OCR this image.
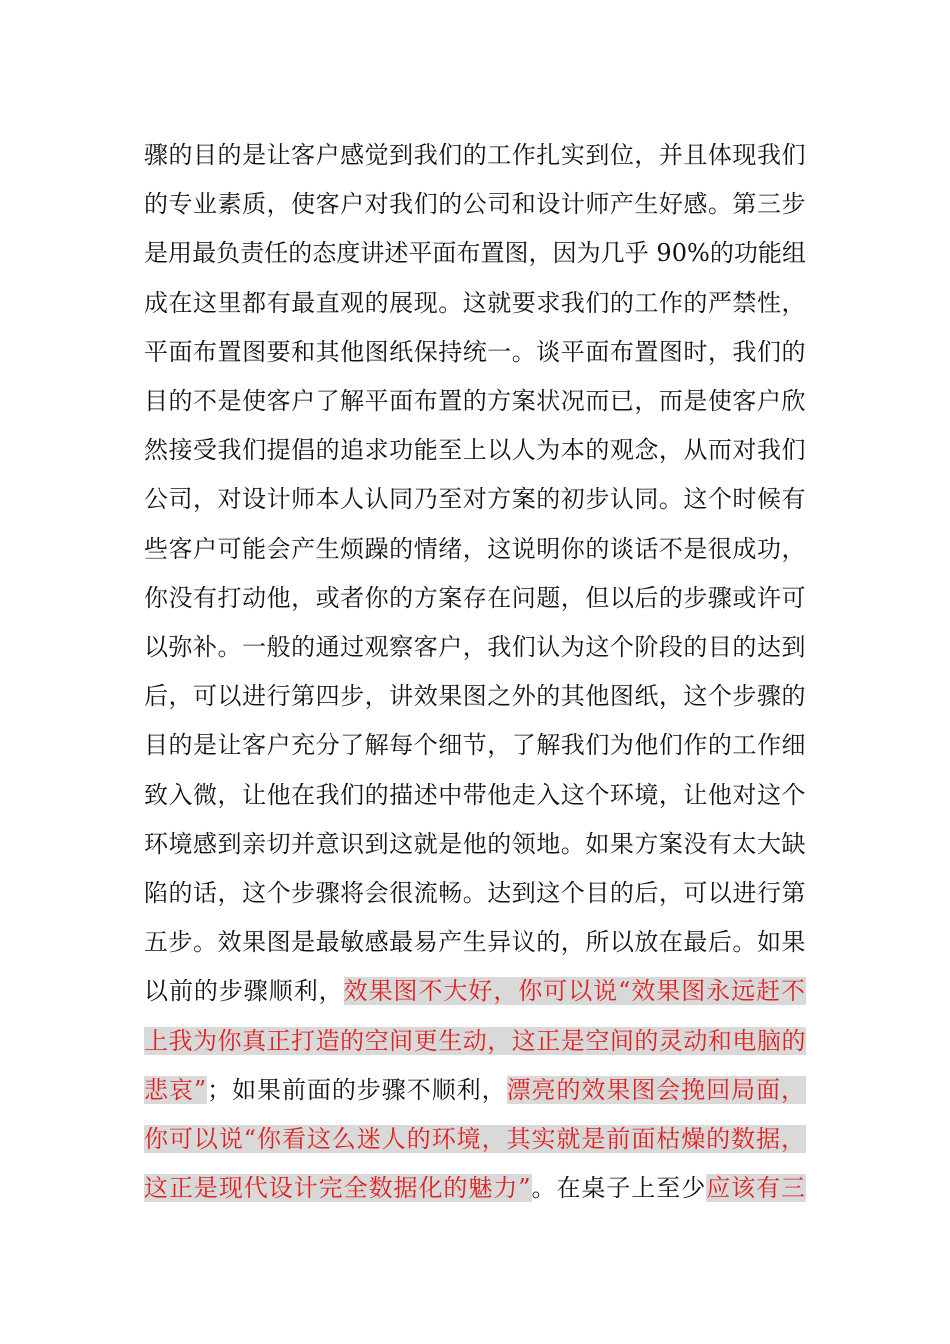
骤的目的是让客户感觉到我们的工作扎实到位，并且体现我们
的专业素质，使客户对我们的公司和设计师产生好感。第三步
是用最负责任的态度讲述平面布置图，因为几乎 90%的功能组
成在这里都有最直观的展现。这就要求我们的工作的严禁性，
平面布置图要和其他图纸保持统一。谈平面布置图时，我们的
目的不是使客户了解平面布置的方案状况而已，而是使客户欣
然接受我们提倡的追求功能至上以人为本的观念，从而对我们
公司，对设计师本人认同乃至对方案的初步认同。这个时候有
些客户可能会产生烦躁的情绪，这说明你的谈话不是很成功，
你没有打动他，或者你的方案存在问题，但以后的步骤或许可
以弥补。一般的通过观察客户，我们认为这个阶段的目的达到
后，可以进行第四步，讲效果图之外的其他图纸，这个步骤的
目的是让客户充分了解每个细节，了解我们为他们作的工作细
致入微，让他在我们的描述中带他走入这个环境，让他对这个
环境感到亲切并意识到这就是他的领地。如果方案没有太大缺
陷的话，这个步骤将会很流畅。达到这个目的后，可以进行第
五步。效果图是最敏感最易产生异议的，所以放在最后。如果
以前的步骤顺利，效果图不大好，你可以说“效果图永远赶不
上我为你真正打造的空间更生动，这正是空间的灵动和电脑的
悲哀”；如果前面的步骤不顺利，漂亮的效果图会挽回局面，
你可以说“你看这么迷人的环境，其实就是前面枯燥的数据，
这正是现代设计完全数据化的魅力”。在桌子上至少应该有三
